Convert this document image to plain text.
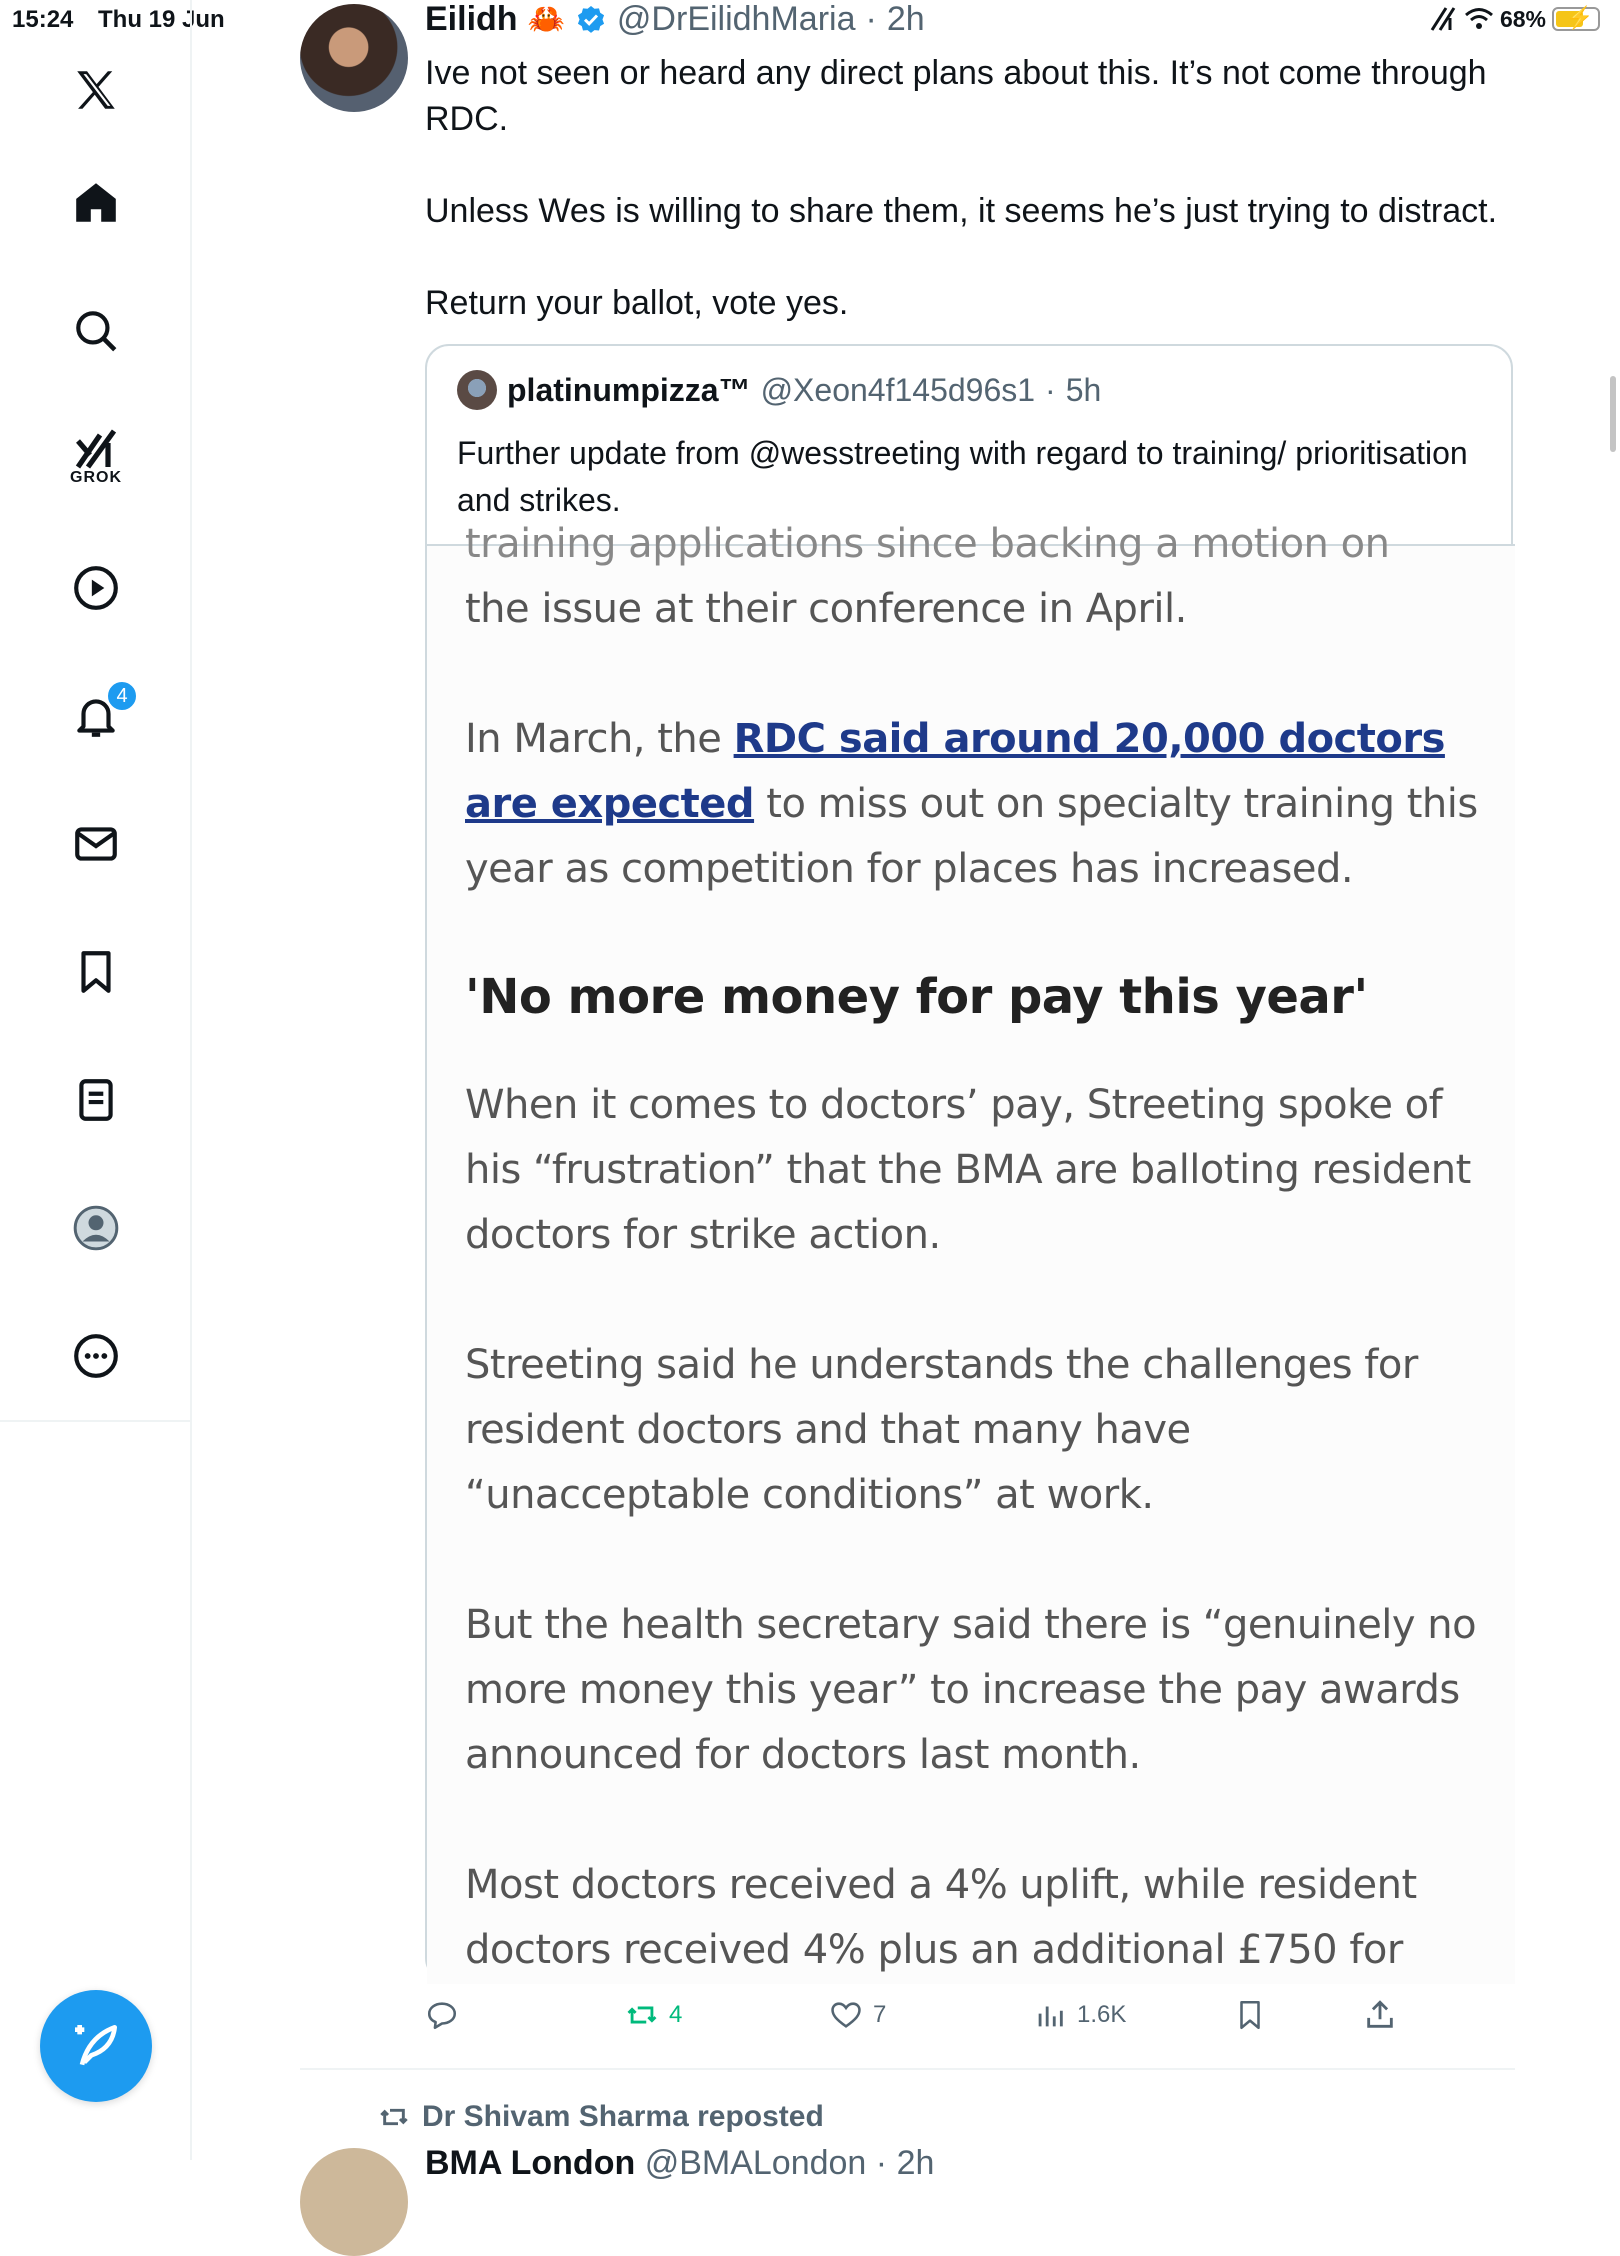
15:24 Thu 19 Jun	68% ⚡
GROK
4
Eilidh 🦀 @DrEilidhMaria · 2h

Ive not seen or heard any direct plans about this. It’s not come through RDC.

Unless Wes is willing to share them, it seems he’s just trying to distract.

Return your ballot, vote yes.

platinumpizza™ @Xeon4f145d96s1 · 5h
Further update from @wesstreeting with regard to training/ prioritisation and strikes.
training applications since backing a motion on

the issue at their conference in April.

In March, the RDC said around 20,000 doctors are expected to miss out on specialty training this year as competition for places has increased.

'No more money for pay this year'

When it comes to doctors’ pay, Streeting spoke of his “frustration” that the BMA are balloting resident doctors for strike action.

Streeting said he understands the challenges for resident doctors and that many have “unacceptable conditions” at work.

But the health secretary said there is “genuinely no more money this year” to increase the pay awards announced for doctors last month.

Most doctors received a 4% uplift, while resident doctors received 4% plus an additional £750 for

4	7	1.6K
Dr Shivam Sharma reposted
BMA London @BMALondon · 2h
